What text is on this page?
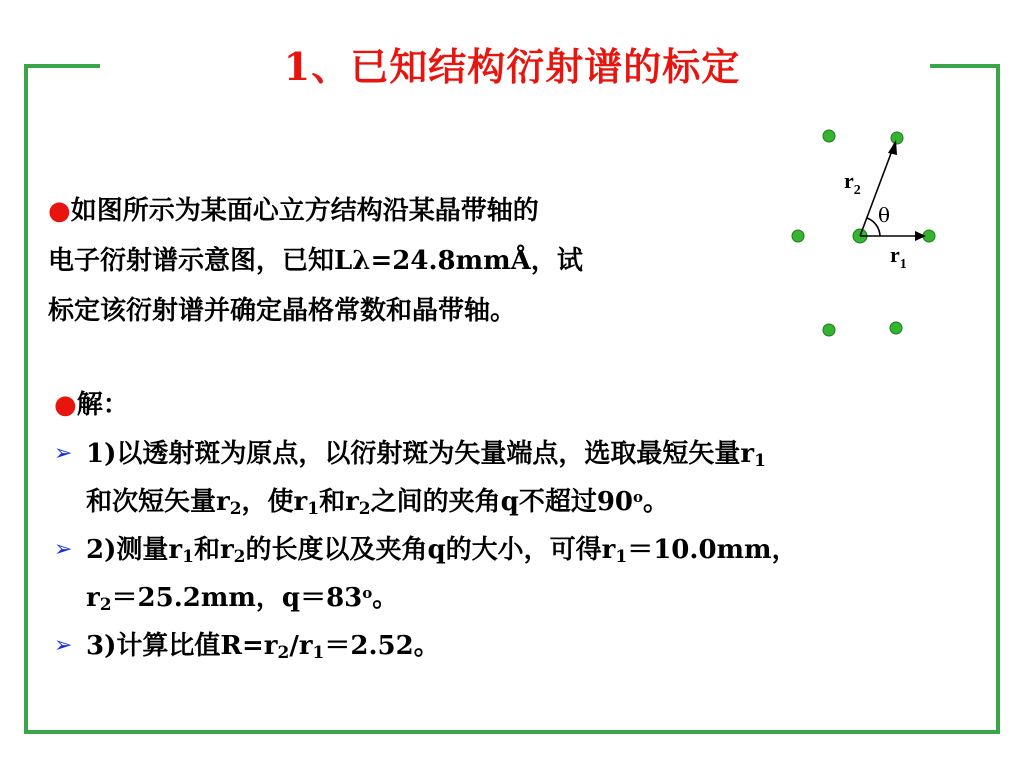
1、已知结构衍射谱的标定
●如图所示为某面心立方结构沿某晶带轴的
电子衍射谱示意图，已知Lλ=24.8mmÅ，试
标定该衍射谱并确定晶格常数和晶带轴。
$r_2$
θ
$r_1$
●解：
➢ 1)以透射斑为原点，以衍射斑为矢量端点，选取最短矢量$r_1$
和次短矢量$r_2$，使$r_1$和$r_2$之间的夹角q不超过90$^o$。
➢ 2)测量$r_1$和$r_2$的长度以及夹角q的大小，可得$r_1=10.0mm$，
$r_2=25.2mm$，$q=83^o$。
➢ 3)计算比值$R=r_2/r_1=2.52$。
